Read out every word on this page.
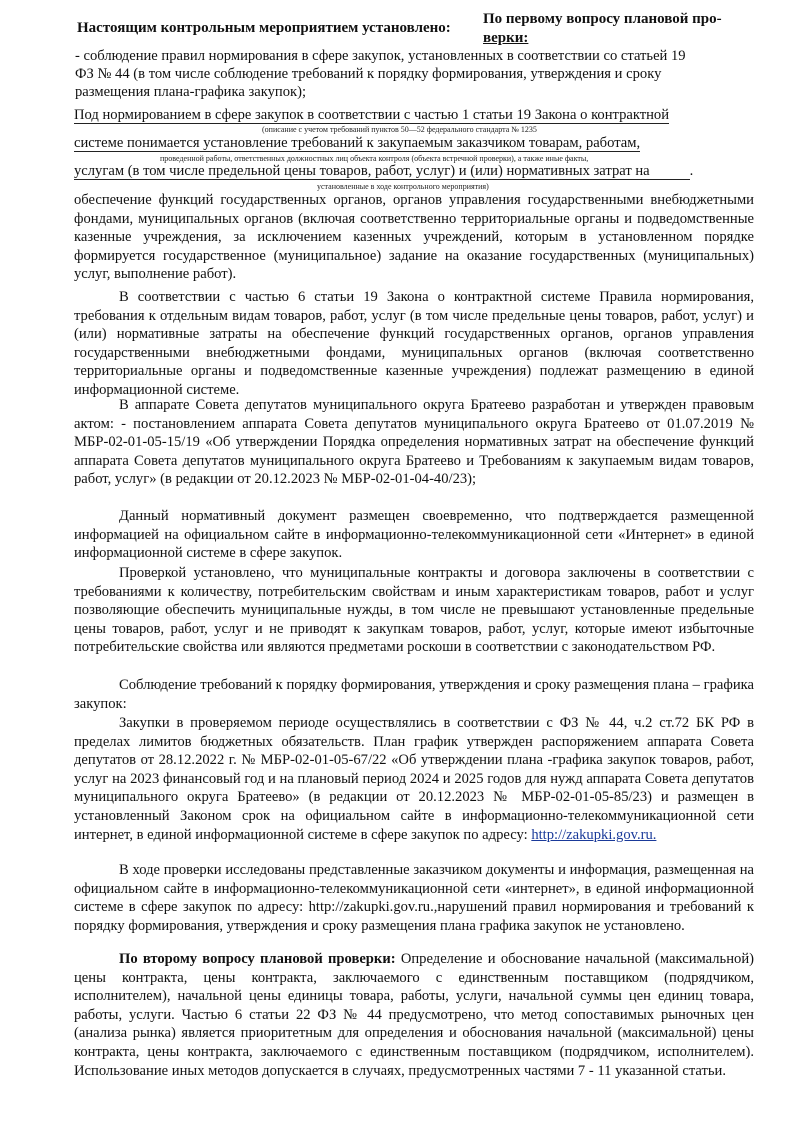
Настоящим контрольным мероприятием установлено:
По первому вопросу плановой про-
верки:
- соблюдение правил нормирования в сфере закупок, установленных в соответствии со статьей 19
ФЗ № 44 (в том числе соблюдение требований к порядку формирования, утверждения и сроку
размещения плана-графика закупок);
Под нормированием в сфере закупок в соответствии с частью 1 статьи 19 Закона о контрактной
(описание с учетом требований пунктов 50—52 федерального стандарта № 1235
системе понимается установление требований к закупаемым заказчиком товарам, работам,
проведенной работы, ответственных должностных лиц объекта контроля (объекта встречной проверки), а также иные факты,
услугам (в том числе предельной цены товаров, работ, услуг) и (или) нормативных затрат на	.
установленные в ходе контрольного мероприятия)
обеспечение функций государственных органов, органов управления государственными внебюджетными фондами, муниципальных органов (включая соответственно территориальные органы и подведомственные казенные учреждения, за исключением казенных учреждений, которым в установленном порядке формируется государственное (муниципальное) задание на оказание государственных (муниципальных) услуг, выполнение работ).
В соответствии с частью 6 статьи 19 Закона о контрактной системе Правила нормирования, требования к отдельным видам товаров, работ, услуг (в том числе предельные цены товаров, работ, услуг) и (или) нормативные затраты на обеспечение функций государственных органов, органов управления государственными внебюджетными фондами, муниципальных органов (включая соответственно территориальные органы и подведомственные казенные учреждения) подлежат размещению в единой информационной системе.
В аппарате Совета депутатов муниципального округа Братеево разработан и утвержден правовым актом: - постановлением аппарата Совета депутатов муниципального округа Братеево от 01.07.2019 № МБР-02-01-05-15/19 «Об утверждении Порядка определения нормативных затрат на обеспечение функций аппарата Совета депутатов муниципального округа Братеево и Требованиям к закупаемым видам товаров, работ, услуг» (в редакции от 20.12.2023 № МБР-02-01-04-40/23);
Данный нормативный документ размещен своевременно, что подтверждается размещенной информацией на официальном сайте в информационно-телекоммуникационной сети «Интернет» в единой информационной системе в сфере закупок.
Проверкой установлено, что муниципальные контракты и договора заключены в соответствии с требованиями к количеству, потребительским свойствам и иным характеристикам товаров, работ и услуг позволяющие обеспечить муниципальные нужды, в том числе не превышают установленные предельные цены товаров, работ, услуг и не приводят к закупкам товаров, работ, услуг, которые имеют избыточные потребительские свойства или являются предметами роскоши в соответствии с законодательством РФ.
Соблюдение требований к порядку формирования, утверждения и сроку размещения плана – графика закупок:
Закупки в проверяемом периоде осуществлялись в соответствии с ФЗ № 44, ч.2 ст.72 БК РФ в пределах лимитов бюджетных обязательств. План график утвержден распоряжением аппарата Совета депутатов от 28.12.2022 г. № МБР-02-01-05-67/22 «Об утверждении плана -графика закупок товаров, работ, услуг на 2023 финансовый год и на плановый период 2024 и 2025 годов для нужд аппарата Совета депутатов муниципального округа Братеево» (в редакции от 20.12.2023 № МБР-02-01-05-85/23) и размещен в установленный Законом срок на официальном сайте в информационно-телекоммуникационной сети интернет, в единой информационной системе в сфере закупок по адресу: http://zakupki.gov.ru.
В ходе проверки исследованы представленные заказчиком документы и информация, размещенная на официальном сайте в информационно-телекоммуникационной сети «интернет», в единой информационной системе в сфере закупок по адресу: http://zakupki.gov.ru.,нарушений правил нормирования и требований к порядку формирования, утверждения и сроку размещения плана графика закупок не установлено.
По второму вопросу плановой проверки: Определение и обоснование начальной (максимальной) цены контракта, цены контракта, заключаемого с единственным поставщиком (подрядчиком, исполнителем), начальной цены единицы товара, работы, услуги, начальной суммы цен единиц товара, работы, услуги. Частью 6 статьи 22 ФЗ № 44 предусмотрено, что метод сопоставимых рыночных цен (анализа рынка) является приоритетным для определения и обоснования начальной (максимальной) цены контракта, цены контракта, заключаемого с единственным поставщиком (подрядчиком, исполнителем). Использование иных методов допускается в случаях, предусмотренных частями 7 - 11 указанной статьи.
